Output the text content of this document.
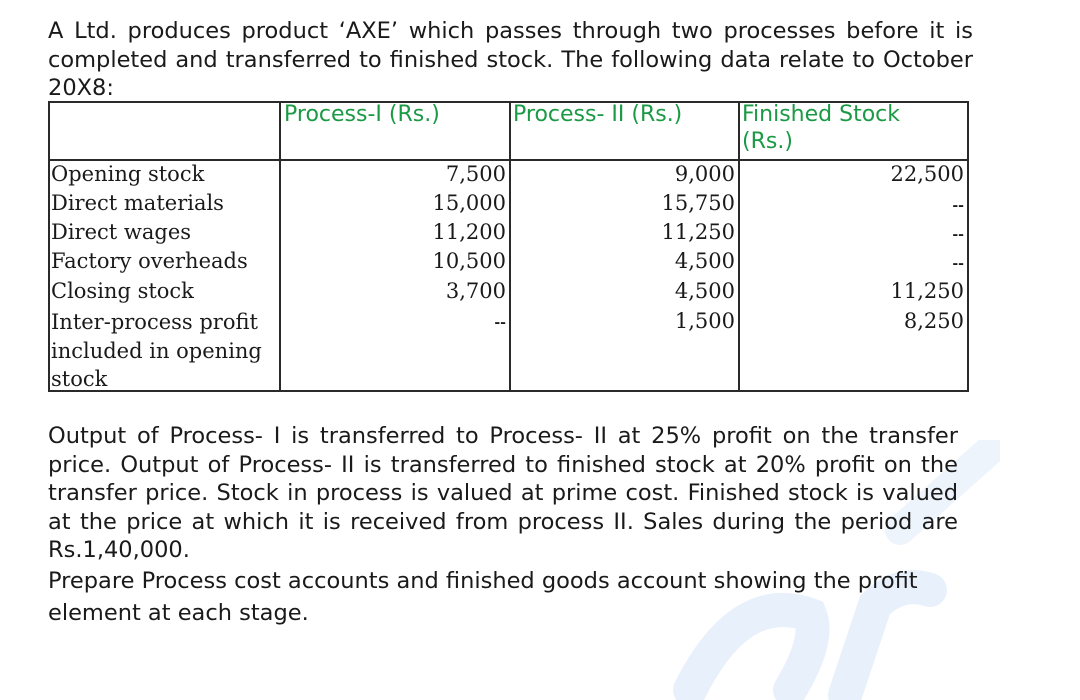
A Ltd. produces product ‘AXE’ which passes through two processes before it is completed and transferred to finished stock. The following data relate to October 20X8:
Process-I (Rs.)	Process- II (Rs.)	Finished Stock (Rs.)
Opening stock
Direct materials
Direct wages
Factory overheads
Closing stock
Inter-process profit included in opening stock
7,500
15,000
11,200
10,500
3,700
--
9,000
15,750
11,250
4,500
4,500
1,500
22,500
--
--
--
11,250
8,250
Output of Process- I is transferred to Process- II at 25% profit on the transfer price. Output of Process- II is transferred to finished stock at 20% profit on the transfer price. Stock in process is valued at prime cost. Finished stock is valued at the price at which it is received from process II. Sales during the period are Rs.1,40,000.
Prepare Process cost accounts and finished goods account showing the profit element at each stage.
